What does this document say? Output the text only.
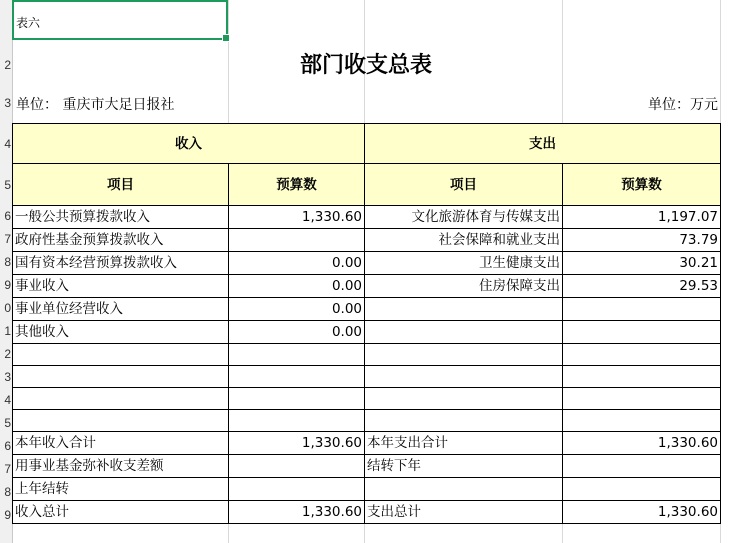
2
3
4
5
6
7
8
9
0
1
2
3
4
5
6
7
8
9
表六
部门收支总表
单位： 重庆市大足日报社	单位：万元
收入		支出	
项目	预算数	项目	预算数
一般公共预算拨款收入	1,330.60	文化旅游体育与传媒支出	1,197.07
政府性基金预算拨款收入		社会保障和就业支出	73.79
国有资本经营预算拨款收入	0.00	卫生健康支出	30.21
事业收入	0.00	住房保障支出	29.53
事业单位经营收入	0.00		
其他收入	0.00		

本年收入合计	1,330.60	本年支出合计	1,330.60
用事业基金弥补收支差额		结转下年	
上年结转			
收入总计	1,330.60	支出总计	1,330.60
